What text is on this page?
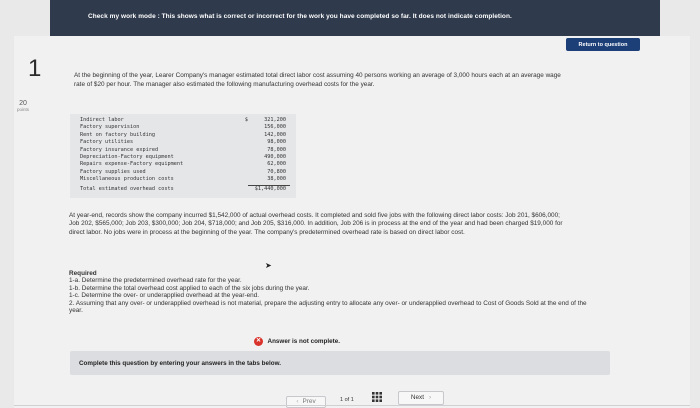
Check my work mode : This shows what is correct or incorrect for the work you have completed so far. It does not indicate completion.
Return to question
1
20
points
At the beginning of the year, Learer Company's manager estimated total direct labor cost assuming 40 persons working an average of 3,000 hours each at an average wage rate of $20 per hour. The manager also estimated the following manufacturing overhead costs for the year.
Indirect labor	$	321,200
Factory supervision	156,000
Rent on factory building	142,000
Factory utilities	98,000
Factory insurance expired	78,000
Depreciation-Factory equipment	490,000
Repairs expense-Factory equipment	62,000
Factory supplies used	70,800
Miscellaneous production costs	38,000
Total estimated overhead costs	$1,440,000
At year-end, records show the company incurred $1,542,000 of actual overhead costs. It completed and sold five jobs with the following direct labor costs: Job 201, $606,000; Job 202, $565,000; Job 203, $300,000; Job 204, $718,000; and Job 205, $316,000. In addition, Job 206 is in process at the end of the year and had been charged $19,000 for direct labor. No jobs were in process at the beginning of the year. The company's predetermined overhead rate is based on direct labor cost.
➤
Required
1-a. Determine the predetermined overhead rate for the year.
1-b. Determine the total overhead cost applied to each of the six jobs during the year.
1-c. Determine the over- or underapplied overhead at the year-end.
2. Assuming that any over- or underapplied overhead is not material, prepare the adjusting entry to allocate any over- or underapplied overhead to Cost of Goods Sold at the end of the year.
✕ Answer is not complete.
Complete this question by entering your answers in the tabs below.
‹ Prev	1 of 1	Next ›
